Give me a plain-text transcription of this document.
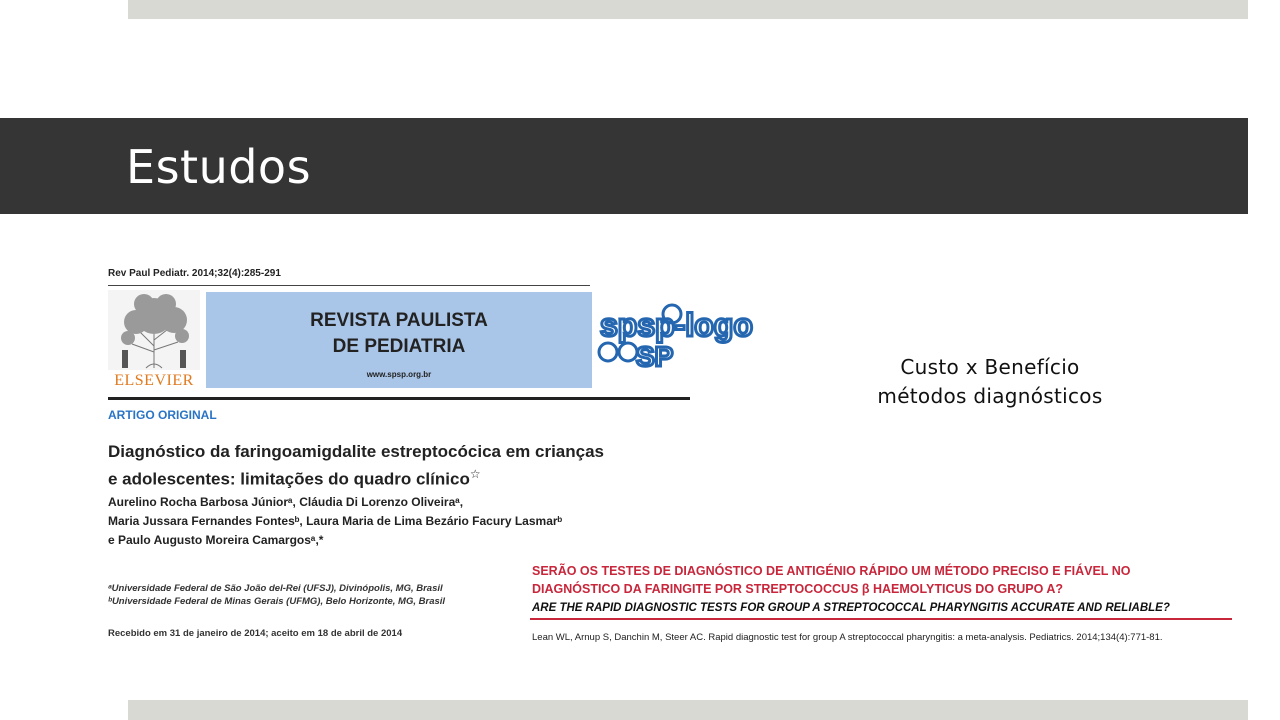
Estudos
Rev Paul Pediatr. 2014;32(4):285-291
ELSEVIER
REVISTA PAULISTA
DE PEDIATRIA
www.spsp.org.br
spsp-logo
SP
ARTIGO ORIGINAL
Diagnóstico da faringoamigdalite estreptocócica em crianças
e adolescentes: limitações do quadro clínico☆
Aurelino Rocha Barbosa Júniorᵃ, Cláudia Di Lorenzo Oliveiraᵃ,
Maria Jussara Fernandes Fontesᵇ, Laura Maria de Lima Bezário Facury Lasmarᵇ
e Paulo Augusto Moreira Camargosᵃ,*
ᵃUniversidade Federal de São João del-Rei (UFSJ), Divinópolis, MG, Brasil
ᵇUniversidade Federal de Minas Gerais (UFMG), Belo Horizonte, MG, Brasil
Recebido em 31 de janeiro de 2014; aceito em 18 de abril de 2014
Custo x Benefício
métodos diagnósticos
SERÃO OS TESTES DE DIAGNÓSTICO DE ANTIGÉNIO RÁPIDO UM MÉTODO PRECISO E FIÁVEL NO
DIAGNÓSTICO DA FARINGITE POR STREPTOCOCCUS β HAEMOLYTICUS DO GRUPO A?
ARE THE RAPID DIAGNOSTIC TESTS FOR GROUP A STREPTOCOCCAL PHARYNGITIS ACCURATE AND RELIABLE?
Lean WL, Arnup S, Danchin M, Steer AC. Rapid diagnostic test for group A streptococcal pharyngitis: a meta-analysis. Pediatrics. 2014;134(4):771-81.
